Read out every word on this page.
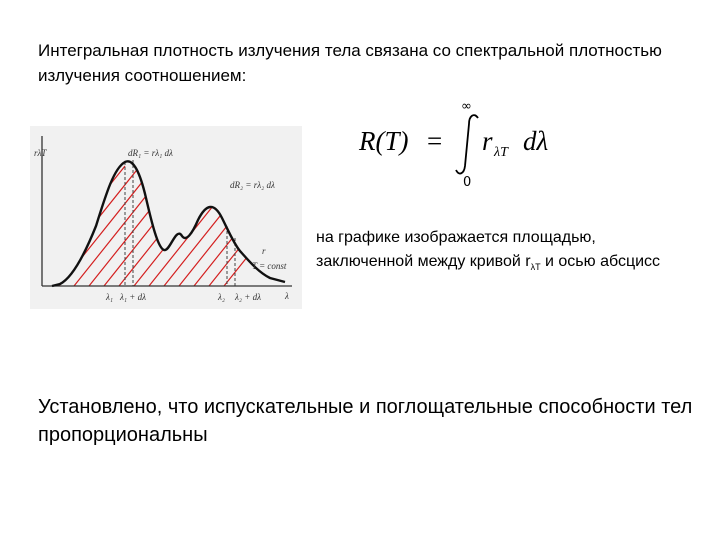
Интегральная плотность излучения тела связана со спектральной плотностью излучения соотношением:

R(T) =
∞
0
r λT dλ
rλT	dR₁ = rλ₁ dλ
dR₂ = rλ₂ dλ
r
T = const
λ
λ₁ λ₁ + dλ	λ₂ λ₂ + dλ

на графике изображается площадью, заключенной между кривой $r_{\lambda T}$ и осью абсцисс

Установлено, что испускательные и поглощательные способности тел пропорциональны
